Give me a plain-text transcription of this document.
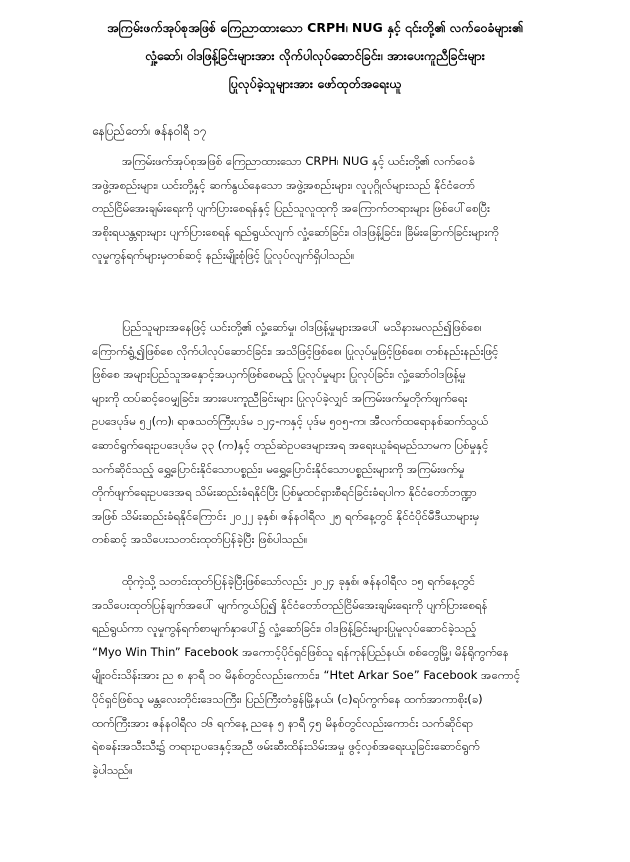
အကြမ်းဖက်အုပ်စုအဖြစ် ကြေညာထားသော CRPH၊ NUG နှင့် ၎င်းတို့၏ လက်ဝေခံများ၏
လှုံ့ဆော်၊ ဝါဒဖြန့်ခြင်းများအား လိုက်ပါလုပ်ဆောင်ခြင်း၊ အားပေးကူညီခြင်းများ
ပြုလုပ်ခဲ့သူများအား ဖော်ထုတ်အရေးယူ
နေပြည်တော်၊ ဇန်နဝါရီ ၁၇
အကြမ်းဖက်အုပ်စုအဖြစ် ကြေညာထားသော CRPH၊ NUG နှင့် ယင်းတို့၏ လက်ဝေခံ
အဖွဲ့အစည်းများ၊ ယင်းတို့နှင့် ဆက်နွယ်နေသော အဖွဲ့အစည်းများ၊ လူပုဂ္ဂိုလ်များသည် နိုင်ငံတော်
တည်ငြိမ်အေးချမ်းရေးကို ပျက်ပြားစေရန်နှင့် ပြည်သူလူထုကို အကြောက်တရားများ ဖြစ်ပေါ်စေပြီး
အစိုးရယန္တရားများ ပျက်ပြားစေရန် ရည်ရွယ်လျက် လှုံ့ဆော်ခြင်း၊ ဝါဒဖြန့်ခြင်း၊ ခြိမ်းခြောက်ခြင်းများကို
လူမှုကွန်ရက်များမှတစ်ဆင့် နည်းမျိုးစုံဖြင့် ပြုလုပ်လျက်ရှိပါသည်။
ပြည်သူများအနေဖြင့် ယင်းတို့၏ လှုံ့ဆော်မှု၊ ဝါဒဖြန့်မှုများအပေါ် မသိနားမလည်၍ဖြစ်စေ၊
ကြောက်ရွံ့၍ဖြစ်စေ လိုက်ပါလုပ်ဆောင်ခြင်း၊ အသိဖြင့်ဖြစ်စေ၊ ပြုလုပ်မှုဖြင့်ဖြစ်စေ၊ တစ်နည်းနည်းဖြင့်
ဖြစ်စေ အများပြည်သူအနှောင့်အယှက်ဖြစ်စေမည့် ပြုလုပ်မှုများ ပြုလုပ်ခြင်း၊ လှုံ့ဆော်ဝါဒဖြန့်မှု
များကို ထပ်ဆင့်ဝေမျှခြင်း၊ အားပေးကူညီခြင်းများ ပြုလုပ်ခဲ့လျှင် အကြမ်းဖက်မှုတိုက်ဖျက်ရေး
ဥပဒေပုဒ်မ ၅၂(က)၊ ရာဇသတ်ကြီးပုဒ်မ ၁၂၄-ကနှင့် ပုဒ်မ ၅၀၅-က၊ အီလက်ထရောနစ်ဆက်သွယ်
ဆောင်ရွက်ရေးဥပဒေပုဒ်မ ၃၃ (က)နှင့် တည်ဆဲဥပဒေများအရ အရေးယူခံရမည်သာမက ပြစ်မှုနှင့်
သက်ဆိုင်သည့် ရွှေ့ပြောင်းနိုင်သောပစ္စည်း၊ မရွှေ့ပြောင်းနိုင်သောပစ္စည်းများကို အကြမ်းဖက်မှု
တိုက်ဖျက်ရေးဥပဒေအရ သိမ်းဆည်းခံရနိုင်ပြီး ပြစ်မှုထင်ရှားစီရင်ခြင်းခံရပါက နိုင်ငံတော်ဘဏ္ဍာ
အဖြစ် သိမ်းဆည်းခံရနိုင်ကြောင်း ၂၀၂၂ ခုနှစ်၊ ဇန်နဝါရီလ ၂၅ ရက်နေ့တွင် နိုင်ငံပိုင်မီဒီယာများမှ
တစ်ဆင့် အသိပေးသတင်းထုတ်ပြန်ခဲ့ပြီး ဖြစ်ပါသည်။
ထိုကဲ့သို့ သတင်းထုတ်ပြန်ခဲ့ပြီးဖြစ်သော်လည်း ၂၀၂၄ ခုနှစ်၊ ဇန်နဝါရီလ ၁၅ ရက်နေ့တွင်
အသိပေးထုတ်ပြန်ချက်အပေါ် မျက်ကွယ်ပြု၍ နိုင်ငံတော်တည်ငြိမ်အေးချမ်းရေးကို ပျက်ပြားစေရန်
ရည်ရွယ်ကာ လူမှုကွန်ရက်စာမျက်နှာပေါ်၌ လှုံ့ဆော်ခြင်း၊ ဝါဒဖြန့်ခြင်းများပြုမူလုပ်ဆောင်ခဲ့သည့်
“Myo Win Thin” Facebook အကောင့်ပိုင်ရှင်ဖြစ်သူ ရန်ကုန်ပြည်နယ်၊ စစ်တွေမြို့၊ မိန်ရိုကွက်နေ
မျိုးဝင်းသိန်းအား ည ၈ နာရီ ၁၀ မိနစ်တွင်လည်းကောင်း၊ “Htet Arkar Soe” Facebook အကောင့်
ပိုင်ရှင်ဖြစ်သူ မန္တလေးတိုင်းဒေသကြီး၊ ပြည်ကြီးတံခွန်မြို့နယ်၊ (င)ရပ်ကွက်နေ ထက်အာကာစိုး(ခ)
ထက်ကြီးအား ဇန်နဝါရီလ ၁၆ ရက်နေ့ ညနေ ၅ နာရီ ၄၅ မိနစ်တွင်လည်းကောင်း သက်ဆိုင်ရာ
ရဲစခန်းအသီးသီး၌ တရားဥပဒေနှင့်အညီ ဖမ်းဆီးထိန်းသိမ်းအမှု ဖွင့်လှစ်အရေးယူခြင်းဆောင်ရွက်
ခဲ့ပါသည်။
